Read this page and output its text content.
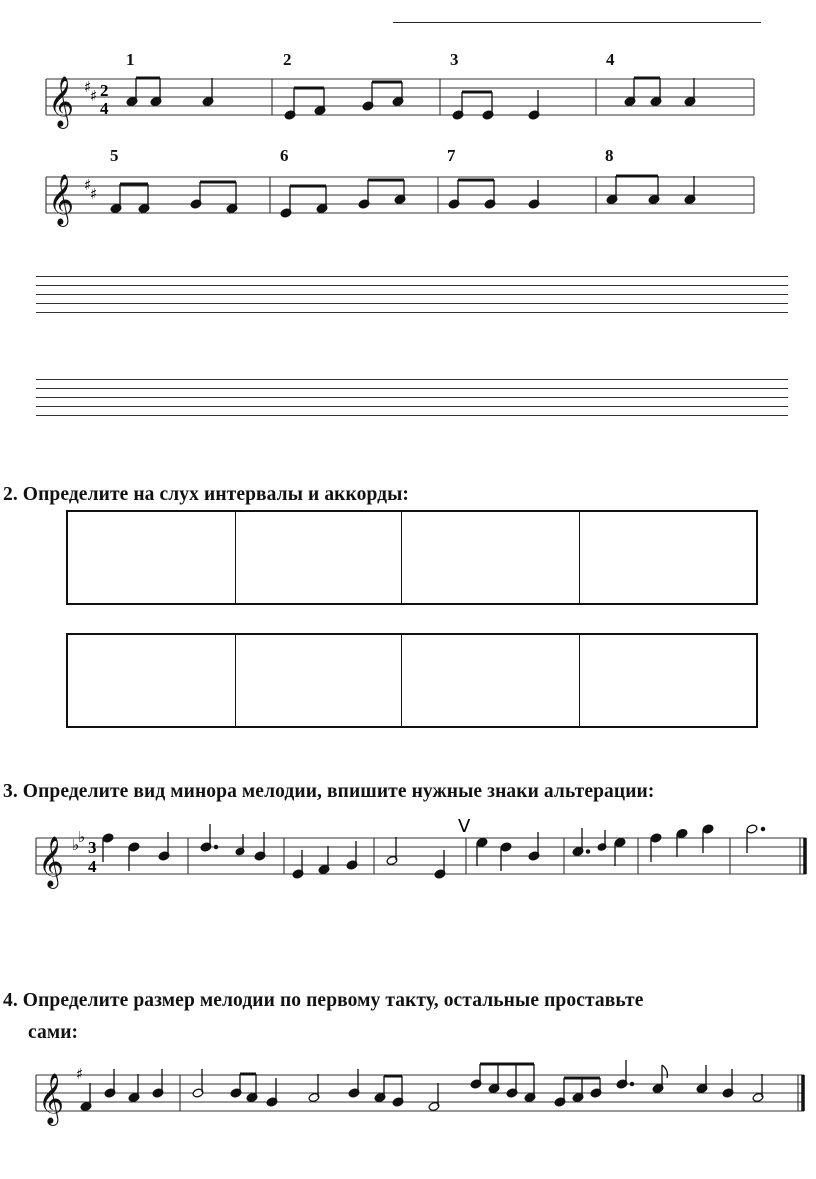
1	2	3	4
𝄞 ♯
♯ 2
4
5	6	7	8
𝄞 ♯
♯
2. Определите на слух интервалы и аккорды:
3. Определите вид минора мелодии, впишите нужные знаки альтерации:
𝄞 ♭
♭
3
4
V
4. Определите размер мелодии по первому такту, остальные проставьте
сами:
𝄞 ♯
